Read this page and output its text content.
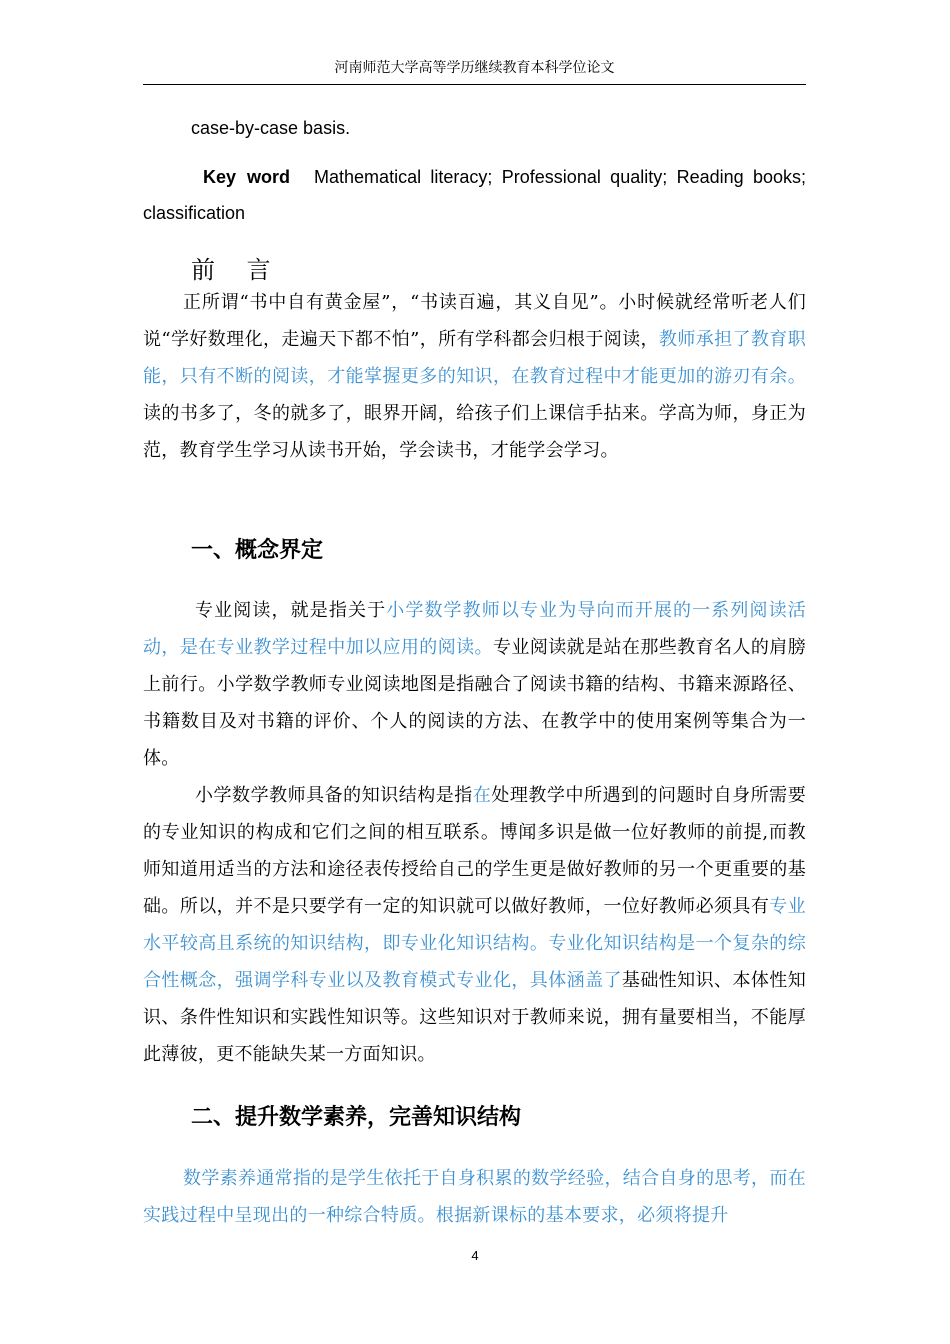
河南师范大学高等学历继续教育本科学位论文
case-by-case basis.
Key word Mathematical literacy; Professional quality; Reading books;
classification

前 言

正所谓“书中自有黄金屋”，“书读百遍，其义自见”。小时候就经常听老人们说“学好数理化，走遍天下都不怕”，所有学科都会归根于阅读，教师承担了教育职能，只有不断的阅读，才能掌握更多的知识，在教育过程中才能更加的游刃有余。读的书多了，冬的就多了，眼界开阔，给孩子们上课信手拈来。学高为师，身正为范，教育学生学习从读书开始，学会读书，才能学会学习。

一、概念界定

专业阅读，就是指关于小学数学教师以专业为导向而开展的一系列阅读活动，是在专业教学过程中加以应用的阅读。专业阅读就是站在那些教育名人的肩膀上前行。小学数学教师专业阅读地图是指融合了阅读书籍的结构、书籍来源路径、书籍数目及对书籍的评价、个人的阅读的方法、在教学中的使用案例等集合为一体。

小学数学教师具备的知识结构是指在处理教学中所遇到的问题时自身所需要的专业知识的构成和它们之间的相互联系。博闻多识是做一位好教师的前提,而教师知道用适当的方法和途径表传授给自己的学生更是做好教师的另一个更重要的基础。所以，并不是只要学有一定的知识就可以做好教师，一位好教师必须具有专业水平较高且系统的知识结构，即专业化知识结构。专业化知识结构是一个复杂的综合性概念，强调学科专业以及教育模式专业化，具体涵盖了基础性知识、本体性知识、条件性知识和实践性知识等。这些知识对于教师来说，拥有量要相当，不能厚此薄彼，更不能缺失某一方面知识。

二、提升数学素养，完善知识结构

数学素养通常指的是学生依托于自身积累的数学经验，结合自身的思考，而在实践过程中呈现出的一种综合特质。根据新课标的基本要求，必须将提升

4
